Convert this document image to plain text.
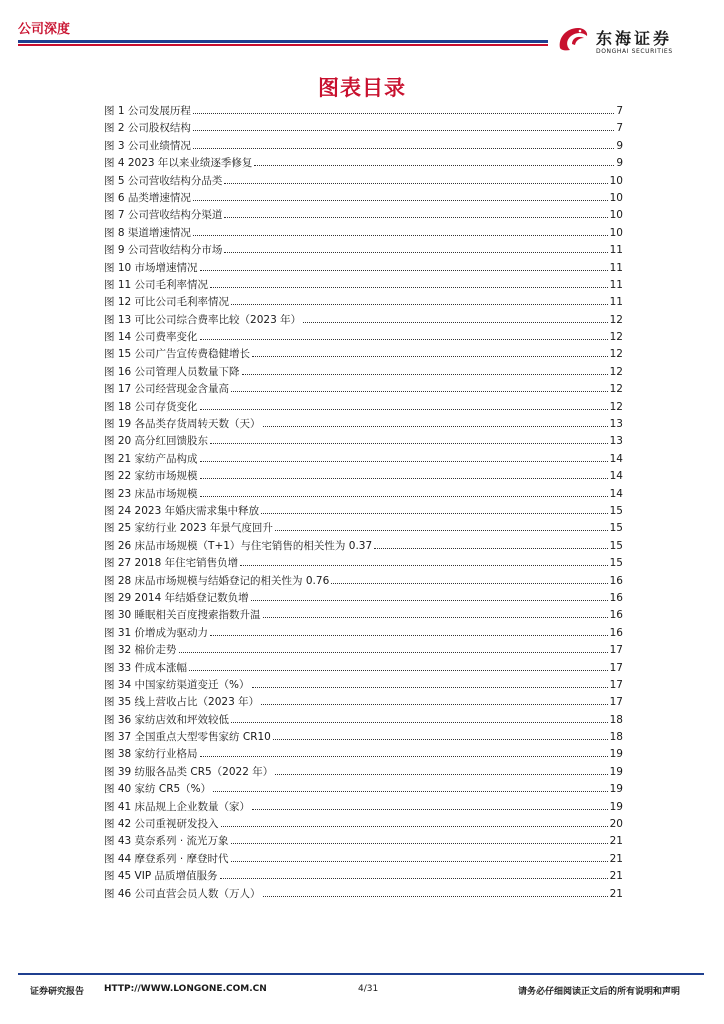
公司深度	东海证券
DONGHAI SECURITIES
图表目录
图 1 公司发展历程	7
图 2 公司股权结构	7
图 3 公司业绩情况	9
图 4 2023 年以来业绩逐季修复	9
图 5 公司营收结构分品类	10
图 6 品类增速情况	10
图 7 公司营收结构分渠道	10
图 8 渠道增速情况	10
图 9 公司营收结构分市场	11
图 10 市场增速情况	11
图 11 公司毛利率情况	11
图 12 可比公司毛利率情况	11
图 13 可比公司综合费率比较（2023 年）	12
图 14 公司费率变化	12
图 15 公司广告宣传费稳健增长	12
图 16 公司管理人员数量下降	12
图 17 公司经营现金含量高	12
图 18 公司存货变化	12
图 19 各品类存货周转天数（天）	13
图 20 高分红回馈股东	13
图 21 家纺产品构成	14
图 22 家纺市场规模	14
图 23 床品市场规模	14
图 24 2023 年婚庆需求集中释放	15
图 25 家纺行业 2023 年景气度回升	15
图 26 床品市场规模（T+1）与住宅销售的相关性为 0.37	15
图 27 2018 年住宅销售负增	15
图 28 床品市场规模与结婚登记的相关性为 0.76	16
图 29 2014 年结婚登记数负增	16
图 30 睡眠相关百度搜索指数升温	16
图 31 价增成为驱动力	16
图 32 棉价走势	17
图 33 件成本涨幅	17
图 34 中国家纺渠道变迁（%）	17
图 35 线上营收占比（2023 年）	17
图 36 家纺店效和坪效较低	18
图 37 全国重点大型零售家纺 CR10	18
图 38 家纺行业格局	19
图 39 纺服各品类 CR5（2022 年）	19
图 40 家纺 CR5（%）	19
图 41 床品规上企业数量（家）	19
图 42 公司重视研发投入	20
图 43 莫奈系列 · 流光万象	21
图 44 摩登系列 · 摩登时代	21
图 45 VIP 品质增值服务	21
图 46 公司直营会员人数（万人）	21
证券研究报告 HTTP://WWW.LONGONE.COM.CN	4/31	请务必仔细阅读正文后的所有说明和声明
